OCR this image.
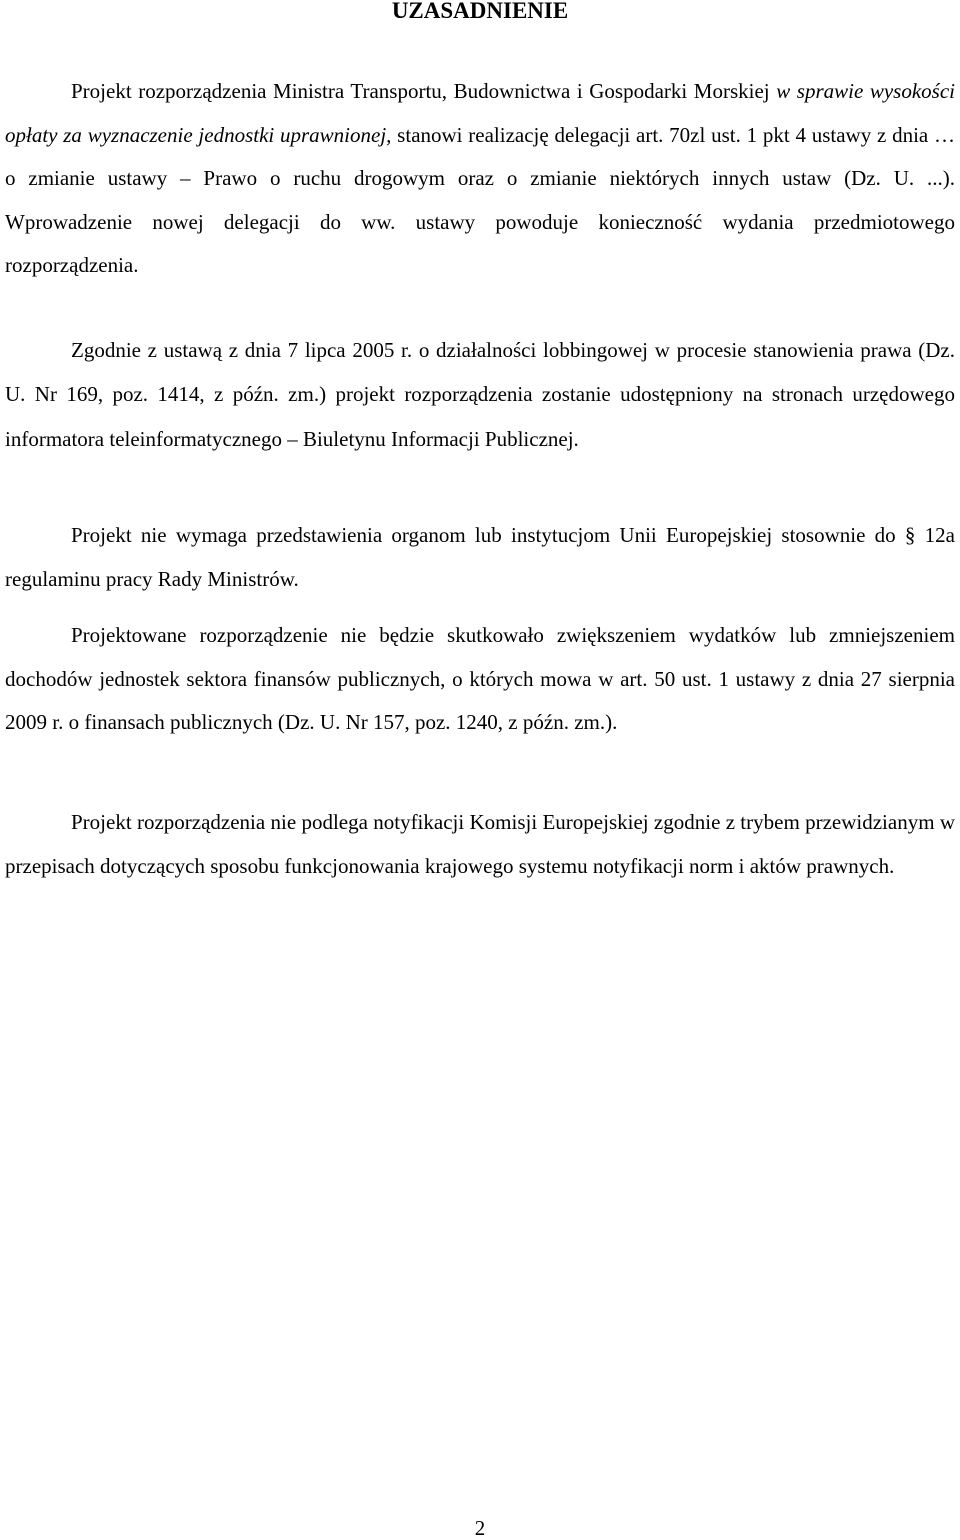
UZASADNIENIE

Projekt rozporządzenia Ministra Transportu, Budownictwa i Gospodarki Morskiej w sprawie wysokości opłaty za wyznaczenie jednostki uprawnionej, stanowi realizację delegacji art. 70zl ust. 1 pkt 4 ustawy z dnia … o zmianie ustawy – Prawo o ruchu drogowym oraz o zmianie niektórych innych ustaw (Dz. U. ...). Wprowadzenie nowej delegacji do ww. ustawy powoduje konieczność wydania przedmiotowego rozporządzenia.

Zgodnie z ustawą z dnia 7 lipca 2005 r. o działalności lobbingowej w procesie stanowienia prawa (Dz. U. Nr 169, poz. 1414, z późn. zm.) projekt rozporządzenia zostanie udostępniony na stronach urzędowego informatora teleinformatycznego – Biuletynu Informacji Publicznej.

Projekt nie wymaga przedstawienia organom lub instytucjom Unii Europejskiej stosownie do § 12a regulaminu pracy Rady Ministrów.

Projektowane rozporządzenie nie będzie skutkowało zwiększeniem wydatków lub zmniejszeniem dochodów jednostek sektora finansów publicznych, o których mowa w art. 50 ust. 1 ustawy z dnia 27 sierpnia 2009 r. o finansach publicznych (Dz. U. Nr 157, poz. 1240, z późn. zm.).

Projekt rozporządzenia nie podlega notyfikacji Komisji Europejskiej zgodnie z trybem przewidzianym w przepisach dotyczących sposobu funkcjonowania krajowego systemu notyfikacji norm i aktów prawnych.

2
